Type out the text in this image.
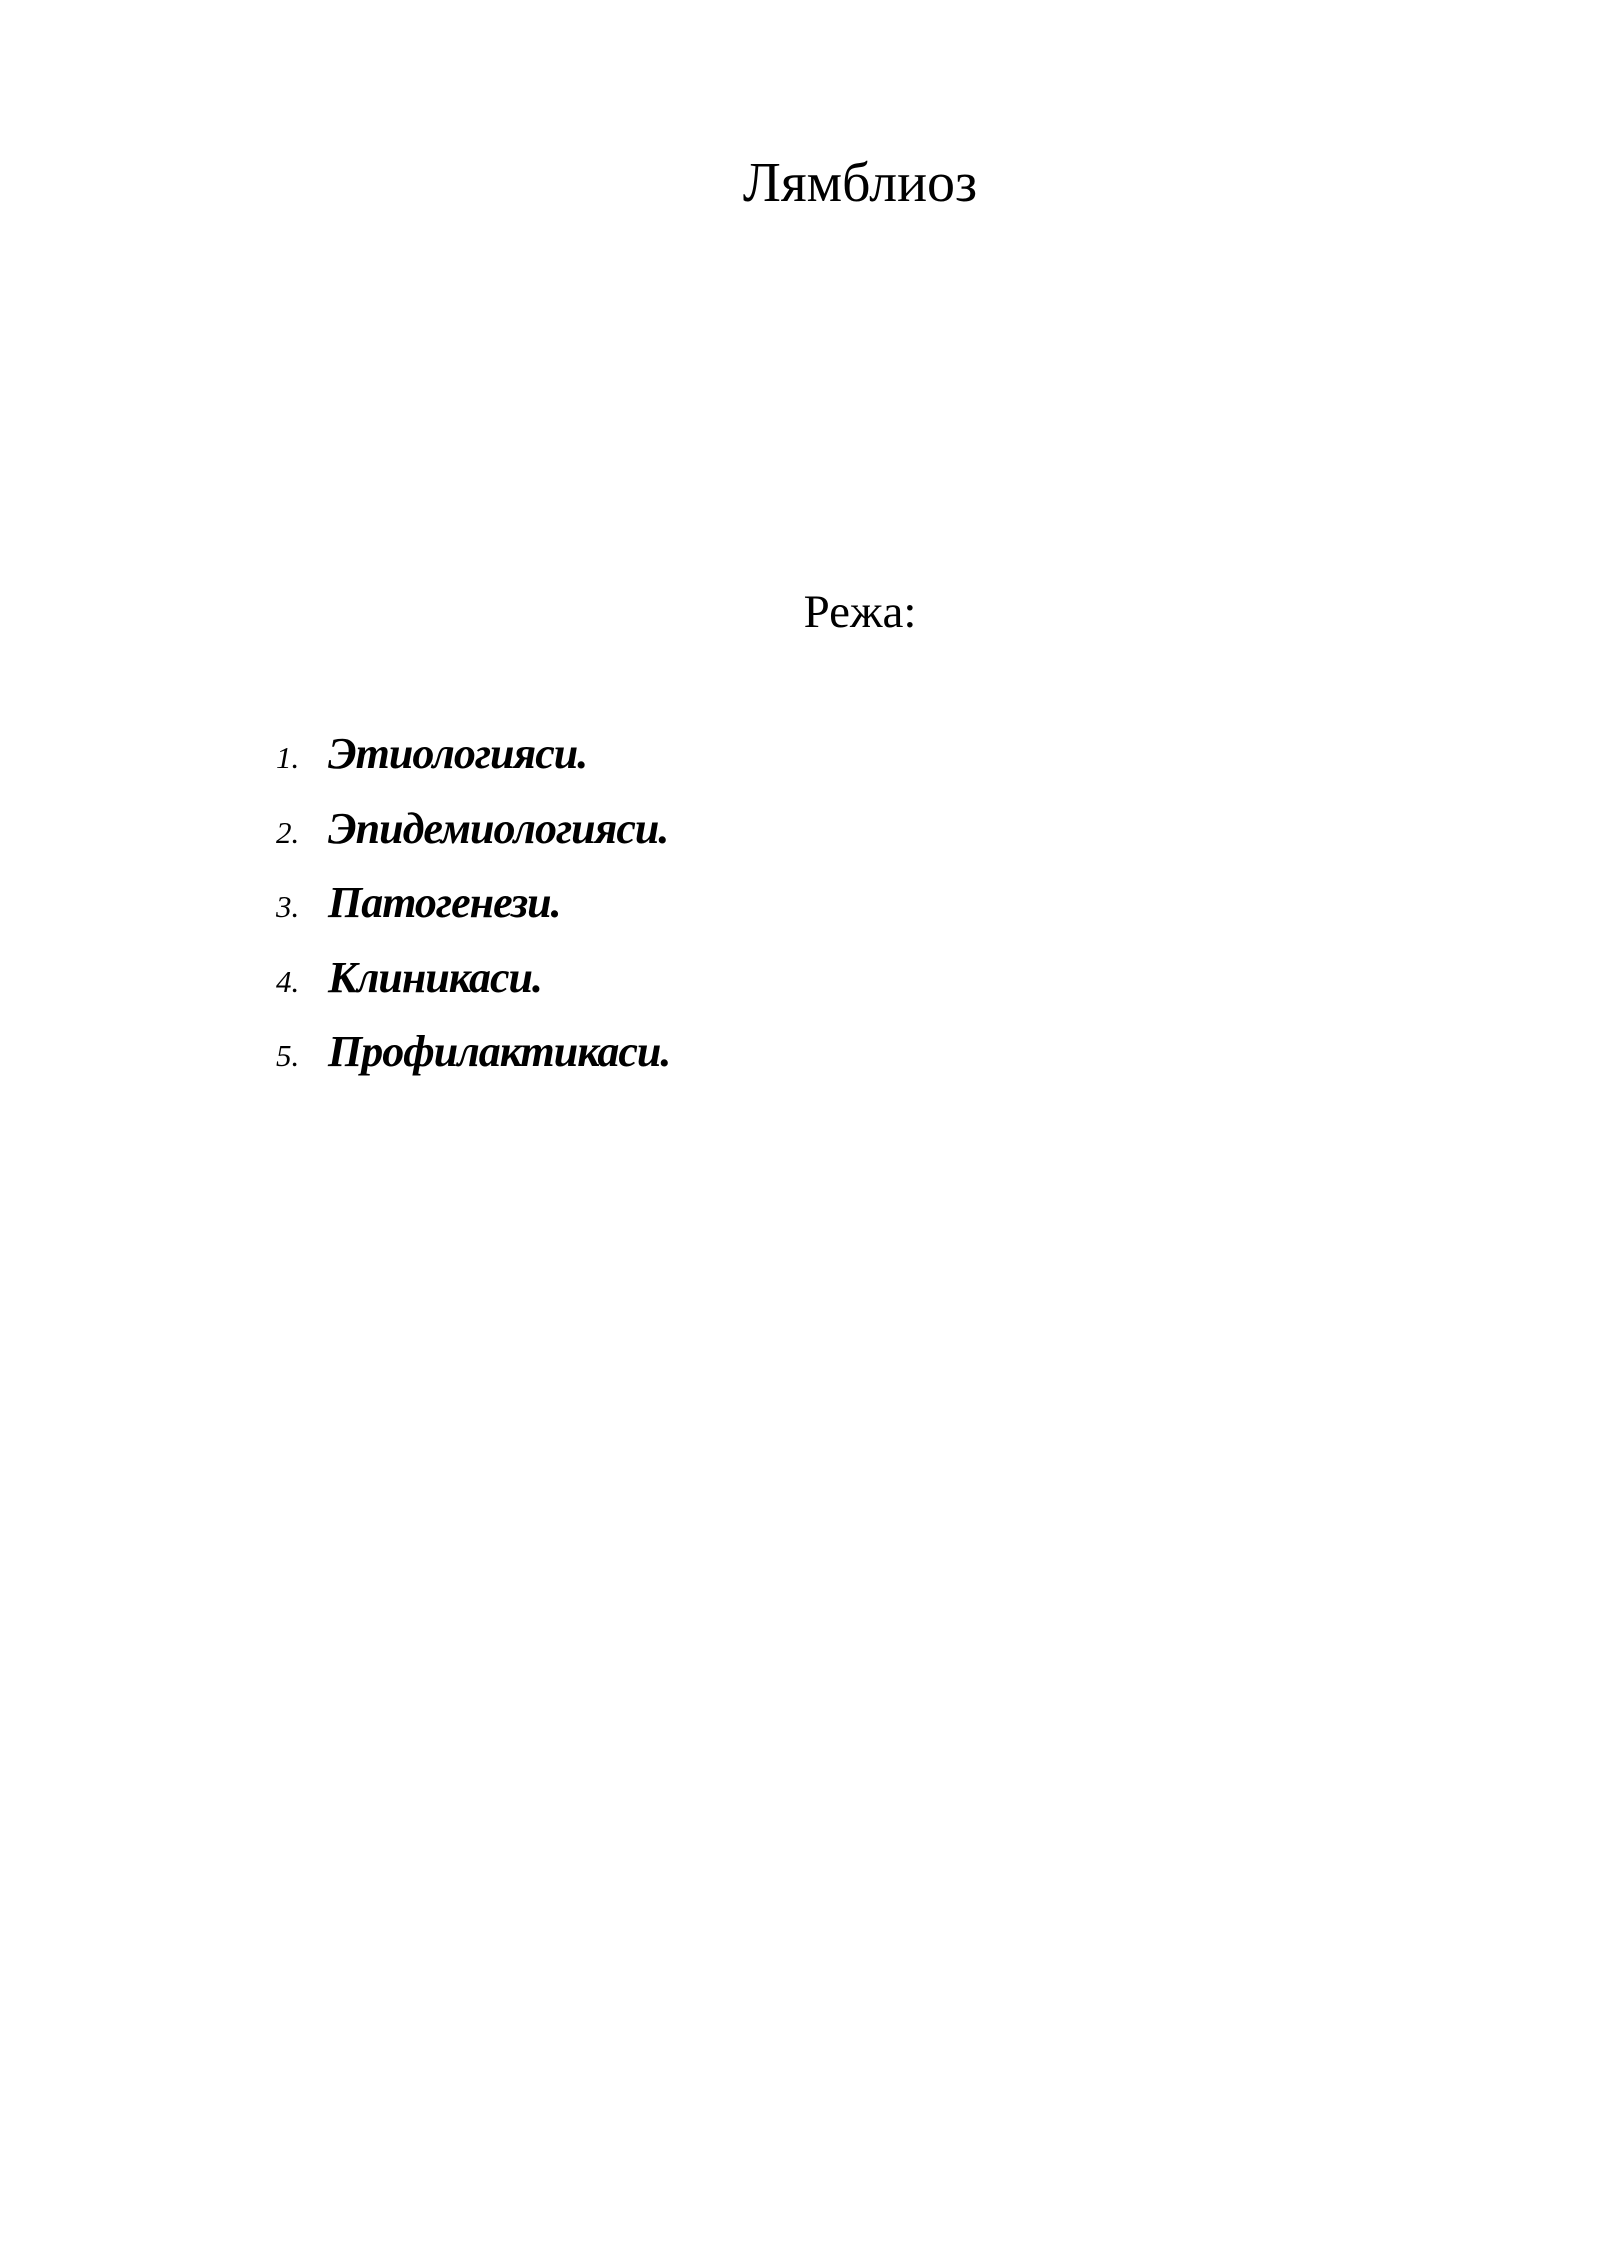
Лямблиоз

Режа:

1. Этиологияси.
2. Эпидемиологияси.
3. Патогенези.
4. Клиникаси.
5. Профилактикаси.
